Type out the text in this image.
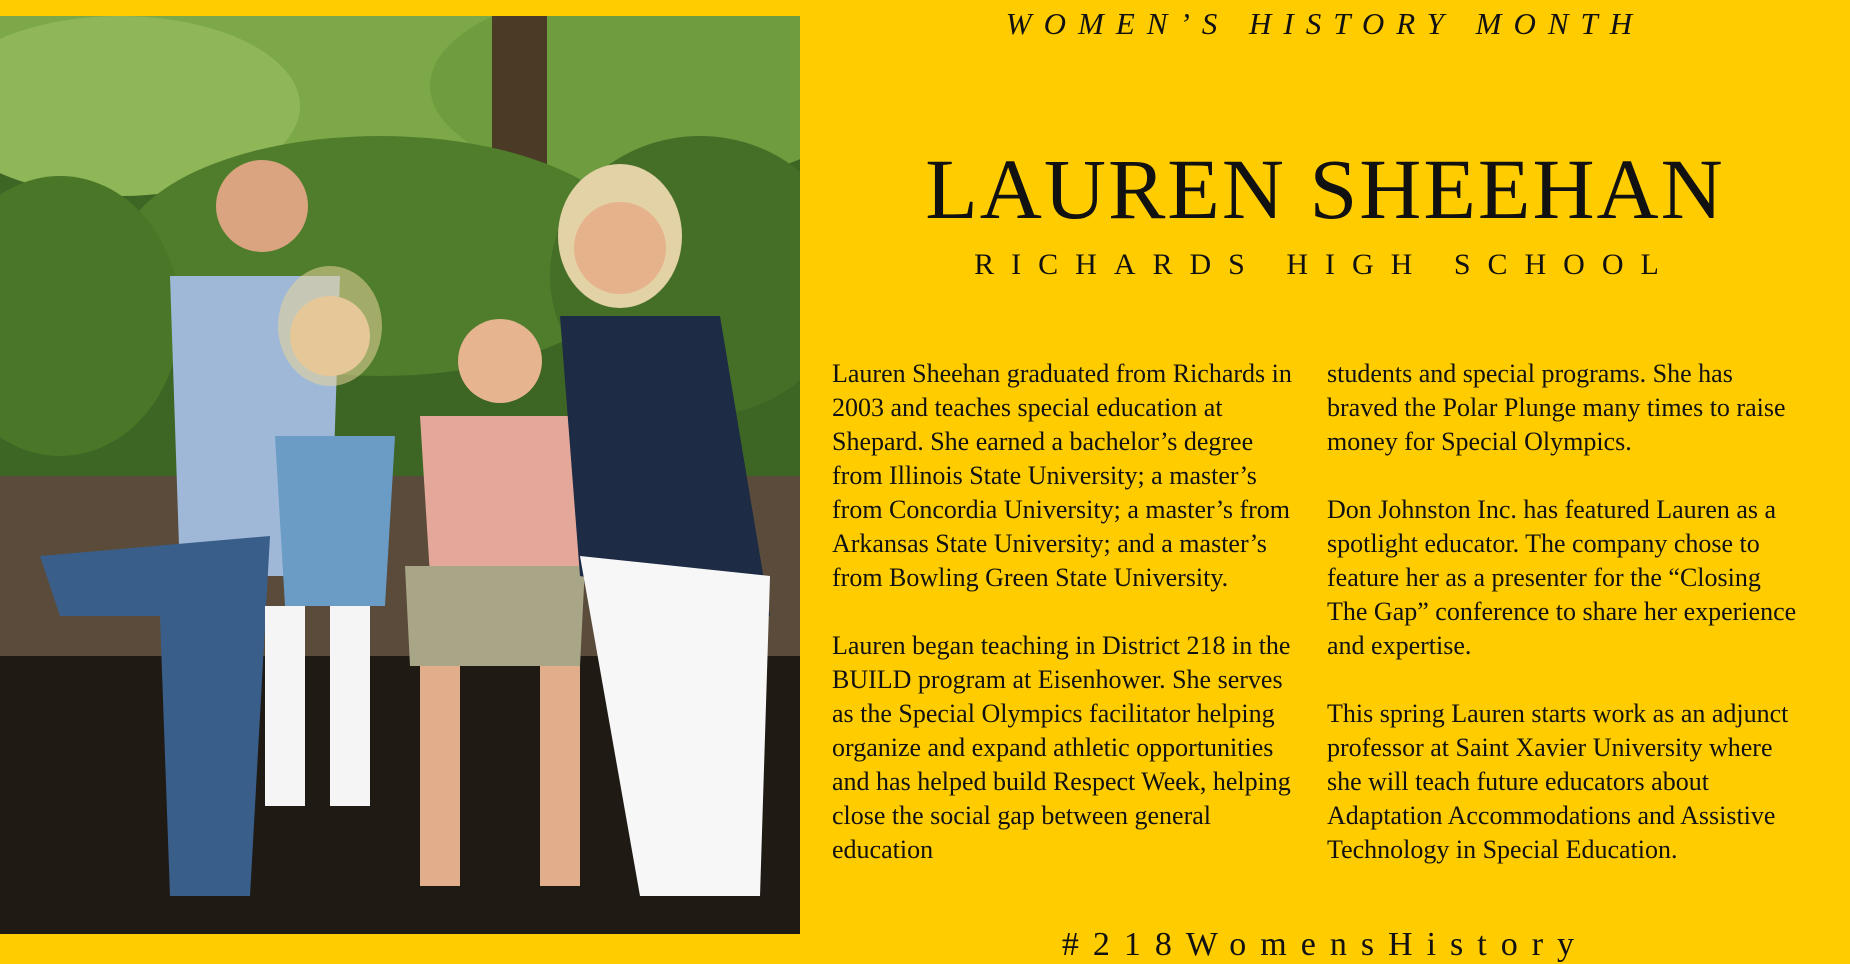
WOMEN’S HISTORY MONTH
LAUREN SHEEHAN
RICHARDS HIGH SCHOOL

Lauren Sheehan graduated from Richards in 2003 and teaches special education at Shepard. She earned a bachelor’s degree from Illinois State University; a master’s from Concordia University; a master’s from Arkansas State University; and a master’s from Bowling Green State University.

Lauren began teaching in District 218 in the BUILD program at Eisenhower. She serves as the Special Olympics facilitator helping organize and expand athletic opportunities and has helped build Respect Week, helping close the social gap between general education

students and special programs. She has braved the Polar Plunge many times to raise money for Special Olympics.

Don Johnston Inc. has featured Lauren as a spotlight educator. The company chose to feature her as a presenter for the “Closing The Gap” conference to share her experience and expertise.

This spring Lauren starts work as an adjunct professor at Saint Xavier University where she will teach future educators about Adaptation Accommodations and Assistive Technology in Special Education.

#218WomensHistory
